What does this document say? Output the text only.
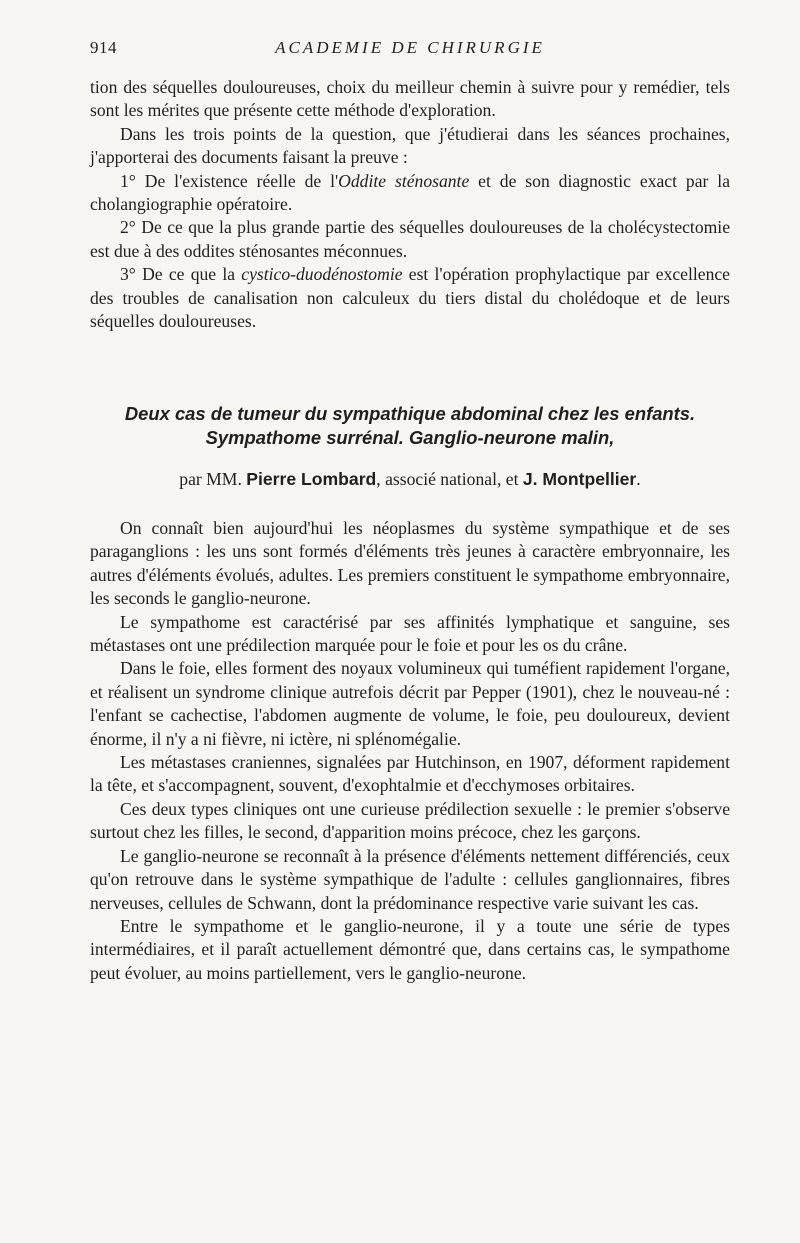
914	ACADEMIE DE CHIRURGIE

tion des séquelles douloureuses, choix du meilleur chemin à suivre pour y remédier, tels sont les mérites que présente cette méthode d'exploration.

Dans les trois points de la question, que j'étudierai dans les séances prochaines, j'apporterai des documents faisant la preuve :

1° De l'existence réelle de l'Oddite sténosante et de son diagnostic exact par la cholangiographie opératoire.

2° De ce que la plus grande partie des séquelles douloureuses de la cholécystectomie est due à des oddites sténosantes méconnues.

3° De ce que la cystico-duodénostomie est l'opération prophylactique par excellence des troubles de canalisation non calculeux du tiers distal du cholédoque et de leurs séquelles douloureuses.

Deux cas de tumeur du sympathique abdominal chez les enfants.
Sympathome surrénal. Ganglio-neurone malin,
par MM. Pierre Lombard, associé national, et J. Montpellier.

On connaît bien aujourd'hui les néoplasmes du système sympathique et de ses paraganglions : les uns sont formés d'éléments très jeunes à caractère embryonnaire, les autres d'éléments évolués, adultes. Les premiers constituent le sympathome embryonnaire, les seconds le ganglio-neurone.

Le sympathome est caractérisé par ses affinités lymphatique et sanguine, ses métastases ont une prédilection marquée pour le foie et pour les os du crâne.

Dans le foie, elles forment des noyaux volumineux qui tuméfient rapidement l'organe, et réalisent un syndrome clinique autrefois décrit par Pepper (1901), chez le nouveau-né : l'enfant se cachectise, l'abdomen augmente de volume, le foie, peu douloureux, devient énorme, il n'y a ni fièvre, ni ictère, ni splénomégalie.

Les métastases craniennes, signalées par Hutchinson, en 1907, déforment rapidement la tête, et s'accompagnent, souvent, d'exophtalmie et d'ecchymoses orbitaires.

Ces deux types cliniques ont une curieuse prédilection sexuelle : le premier s'observe surtout chez les filles, le second, d'apparition moins précoce, chez les garçons.

Le ganglio-neurone se reconnaît à la présence d'éléments nettement différenciés, ceux qu'on retrouve dans le système sympathique de l'adulte : cellules ganglionnaires, fibres nerveuses, cellules de Schwann, dont la prédominance respective varie suivant les cas.

Entre le sympathome et le ganglio-neurone, il y a toute une série de types intermédiaires, et il paraît actuellement démontré que, dans certains cas, le sympathome peut évoluer, au moins partiellement, vers le ganglio-neurone.
